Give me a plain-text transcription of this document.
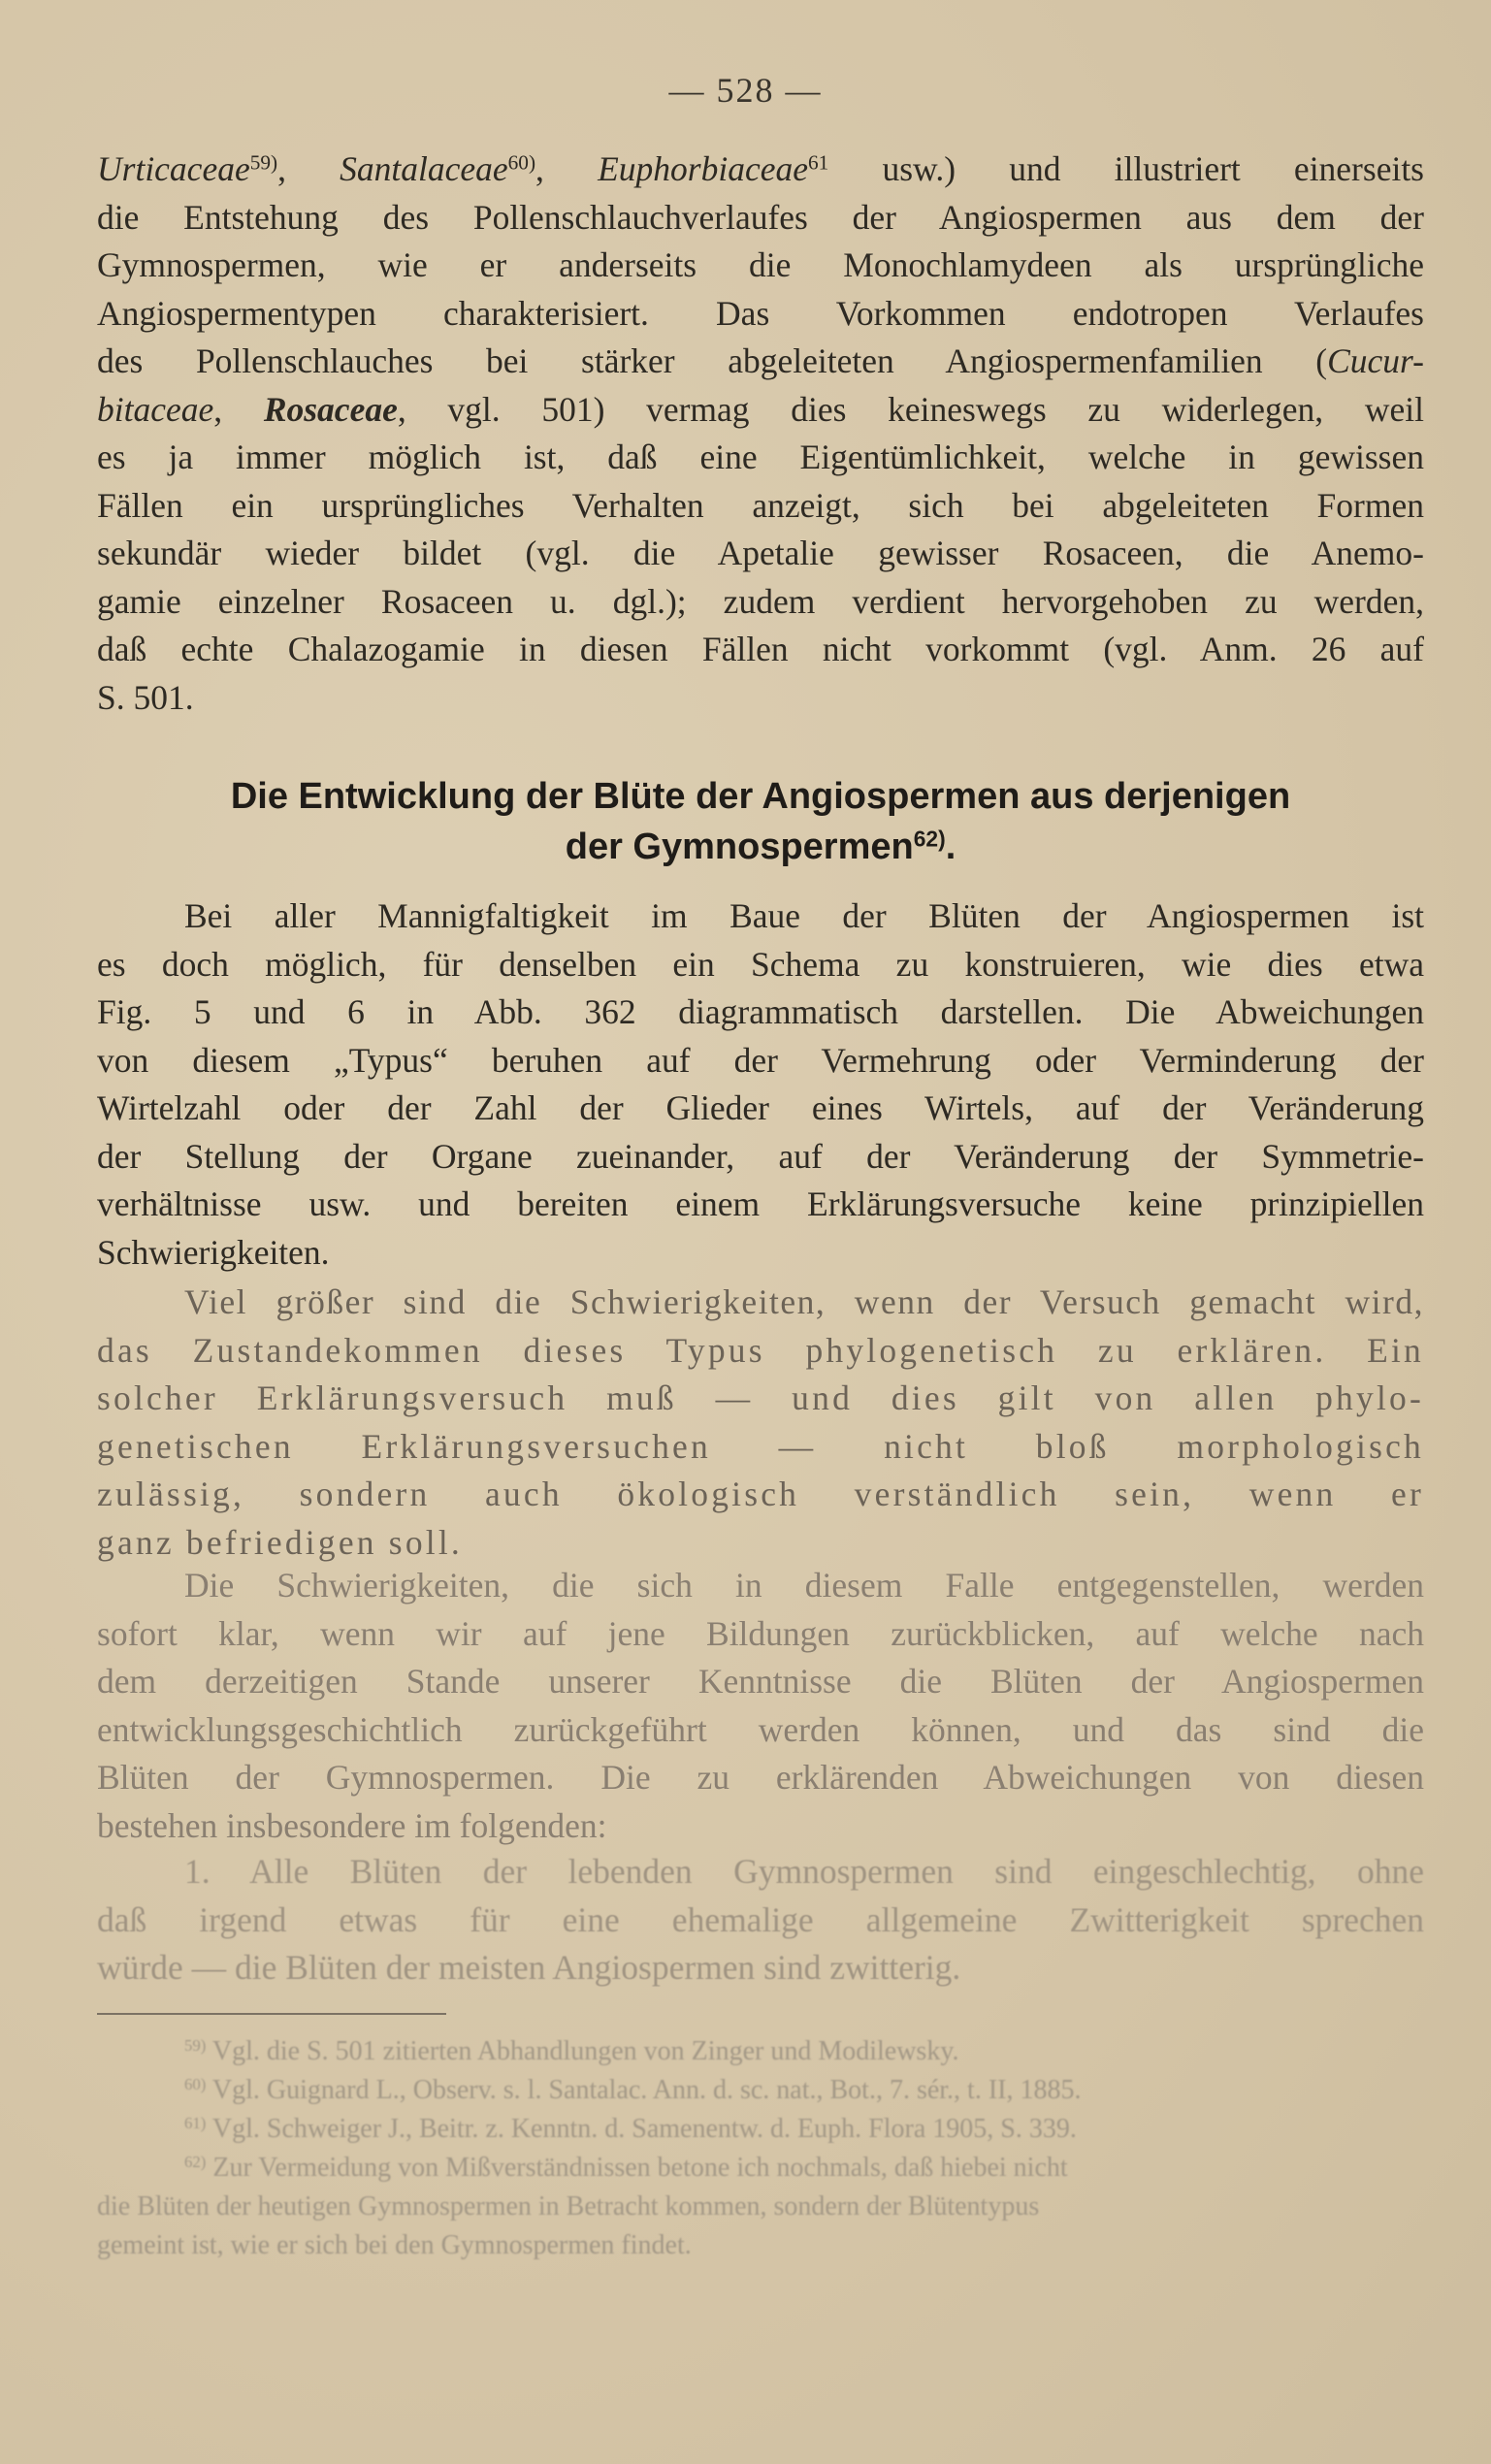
— 528 —
Urticaceae$^{59)}$, Santalaceae$^{60)}$, Euphorbiaceae$^{61}$ usw.) und illustriert einerseits
die Entstehung des Pollenschlauchverlaufes der Angiospermen aus dem der
Gymnospermen, wie er anderseits die Monochlamydeen als ursprüngliche
Angiospermentypen charakterisiert. Das Vorkommen endotropen Verlaufes
des Pollenschlauches bei stärker abgeleiteten Angiospermenfamilien (Cucur-
bitaceae, Rosaceae, vgl. 501) vermag dies keineswegs zu widerlegen, weil
es ja immer möglich ist, daß eine Eigentümlichkeit, welche in gewissen
Fällen ein ursprüngliches Verhalten anzeigt, sich bei abgeleiteten Formen
sekundär wieder bildet (vgl. die Apetalie gewisser Rosaceen, die Anemo-
gamie einzelner Rosaceen u. dgl.); zudem verdient hervorgehoben zu werden,
daß echte Chalazogamie in diesen Fällen nicht vorkommt (vgl. Anm. 26 auf
S. 501.
Die Entwicklung der Blüte der Angiospermen aus derjenigen
der Gymnospermen$^{62)}$.
Bei aller Mannigfaltigkeit im Baue der Blüten der Angiospermen ist
es doch möglich, für denselben ein Schema zu konstruieren, wie dies etwa
Fig. 5 und 6 in Abb. 362 diagrammatisch darstellen. Die Abweichungen
von diesem „Typus“ beruhen auf der Vermehrung oder Verminderung der
Wirtelzahl oder der Zahl der Glieder eines Wirtels, auf der Veränderung
der Stellung der Organe zueinander, auf der Veränderung der Symmetrie-
verhältnisse usw. und bereiten einem Erklärungsversuche keine prinzipiellen
Schwierigkeiten.
Viel größer sind die Schwierigkeiten, wenn der Versuch gemacht wird,
das Zustandekommen dieses Typus phylogenetisch zu erklären. Ein
solcher Erklärungsversuch muß — und dies gilt von allen phylo-
genetischen Erklärungsversuchen — nicht bloß morphologisch
zulässig, sondern auch ökologisch verständlich sein, wenn er
ganz befriedigen soll.
Die Schwierigkeiten, die sich in diesem Falle entgegenstellen, werden
sofort klar, wenn wir auf jene Bildungen zurückblicken, auf welche nach
dem derzeitigen Stande unserer Kenntnisse die Blüten der Angiospermen
entwicklungsgeschichtlich zurückgeführt werden können, und das sind die
Blüten der Gymnospermen. Die zu erklärenden Abweichungen von diesen
bestehen insbesondere im folgenden:
1. Alle Blüten der lebenden Gymnospermen sind eingeschlechtig, ohne
daß irgend etwas für eine ehemalige allgemeine Zwitterigkeit sprechen
würde — die Blüten der meisten Angiospermen sind zwitterig.
$^{59)}$ Vgl. die S. 501 zitierten Abhandlungen von Zinger und Modilewsky.
$^{60)}$ Vgl. Guignard L., Observ. s. l. Santalac. Ann. d. sc. nat., Bot., 7. sér., t. II, 1885.
$^{61)}$ Vgl. Schweiger J., Beitr. z. Kenntn. d. Samenentw. d. Euph. Flora 1905, S. 339.
$^{62)}$ Zur Vermeidung von Mißverständnissen betone ich nochmals, daß hiebei nicht
die Blüten der heutigen Gymnospermen in Betracht kommen, sondern der Blütentypus
gemeint ist, wie er sich bei den Gymnospermen findet.
